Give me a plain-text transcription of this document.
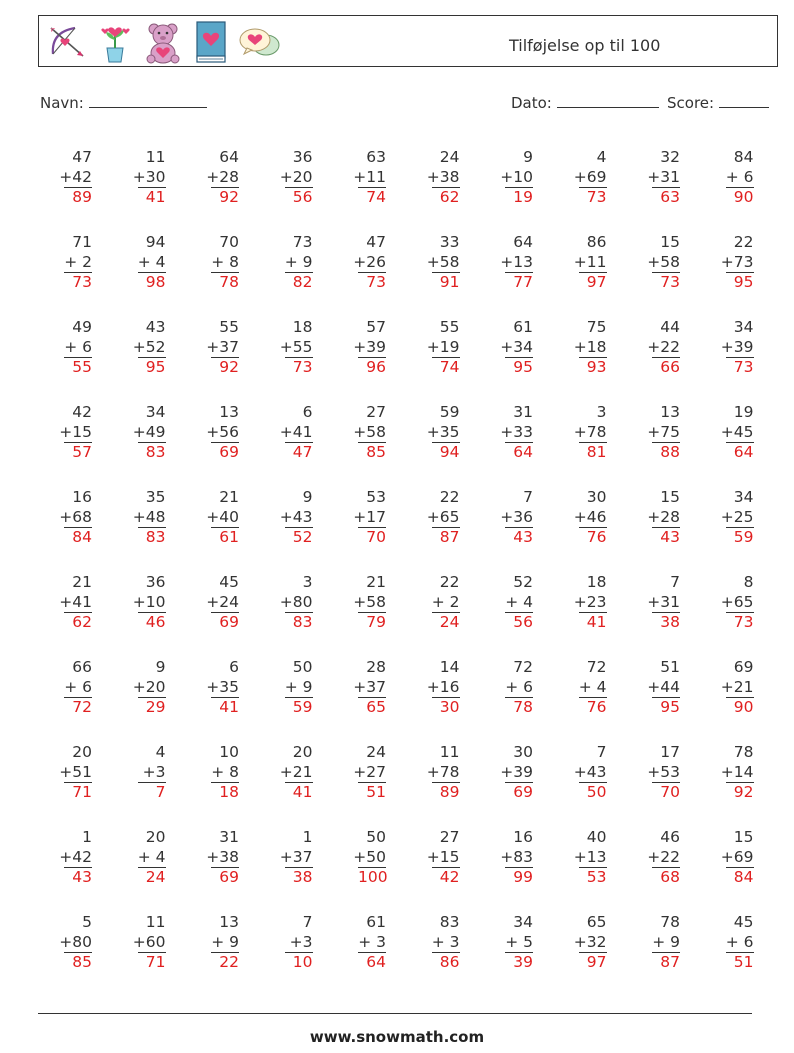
Tilføjelse op til 100
Navn:	Dato:	Score:
47
+42
89
11
+30
41
64
+28
92
36
+20
56
63
+11
74
24
+38
62
9
+10
19
4
+69
73
32
+31
63
84
+ 6
90
71
+ 2
73
94
+ 4
98
70
+ 8
78
73
+ 9
82
47
+26
73
33
+58
91
64
+13
77
86
+11
97
15
+58
73
22
+73
95
49
+ 6
55
43
+52
95
55
+37
92
18
+55
73
57
+39
96
55
+19
74
61
+34
95
75
+18
93
44
+22
66
34
+39
73
42
+15
57
34
+49
83
13
+56
69
6
+41
47
27
+58
85
59
+35
94
31
+33
64
3
+78
81
13
+75
88
19
+45
64
16
+68
84
35
+48
83
21
+40
61
9
+43
52
53
+17
70
22
+65
87
7
+36
43
30
+46
76
15
+28
43
34
+25
59
21
+41
62
36
+10
46
45
+24
69
3
+80
83
21
+58
79
22
+ 2
24
52
+ 4
56
18
+23
41
7
+31
38
8
+65
73
66
+ 6
72
9
+20
29
6
+35
41
50
+ 9
59
28
+37
65
14
+16
30
72
+ 6
78
72
+ 4
76
51
+44
95
69
+21
90
20
+51
71
4
+3
7
10
+ 8
18
20
+21
41
24
+27
51
11
+78
89
30
+39
69
7
+43
50
17
+53
70
78
+14
92
1
+42
43
20
+ 4
24
31
+38
69
1
+37
38
50
+50
100
27
+15
42
16
+83
99
40
+13
53
46
+22
68
15
+69
84
5
+80
85
11
+60
71
13
+ 9
22
7
+3
10
61
+ 3
64
83
+ 3
86
34
+ 5
39
65
+32
97
78
+ 9
87
45
+ 6
51
www.snowmath.com
